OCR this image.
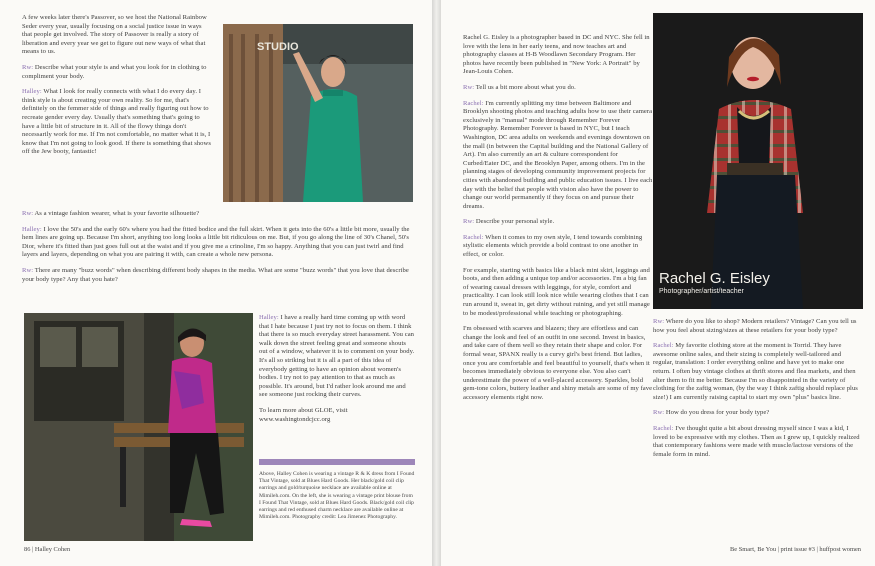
A few weeks later there's Passover, so we host the National Rainbow Seder every year, usually focusing on a social justice issue in ways that people get involved. The story of Passover is really a story of liberation and every year we get to figure out new ways of what that means to us.

Rw: Describe what your style is and what you look for in clothing to compliment your body.

Halley: What I look for really connects with what I do every day. I think style is about creating your own reality. So for me, that's definitely on the femmer side of things and really figuring out how to recreate gender every day. Usually that's something that's going to have a little bit of structure in it. All of the flowy things don't necessarily work for me. If I'm not comfortable, no matter what it is, I know that I'm not going to look good. If there is something that shows off the Jew booty, fantastic!

STUDIO

Rw: As a vintage fashion wearer, what is your favorite silhouette?

Halley: I love the 50's and the early 60's where you had the fitted bodice and the full skirt. When it gets into the 60's a little bit more, usually the hem lines are going up. Because I'm short, anything too long looks a little bit ridiculous on me. But, if you go along the line of 30's Chanel, 50's Dior, where it's fitted than just goes full out at the waist and if you give me a crinoline, I'm so happy. Anything that you can just twirl and find layers and layers, depending on what you are pairing it with, can create a whole new persona.

Rw: There are many "buzz words" when describing different body shapes in the media. What are some "buzz words" that you love that describe your body type? Any that you hate?

Halley: I have a really hard time coming up with word that I hate because I just try not to focus on them. I think that there is so much everyday street harassment. You can walk down the street feeling great and someone shouts out of a window, whatever it is to comment on your body. It's all so striking but it is all a part of this idea of everybody getting to have an opinion about women's bodies. I try not to pay attention to that as much as possible. It's around, but I'd rather look around me and see someone just rocking their curves.

To learn more about GLOE, visit www.washingtondcjcc.org

Above, Halley Cohen is wearing a vintage R & K dress from I Found That Vintage, sold at Blues Hard Goods. Her black/gold coil clip earrings and gold/turquoise necklace are available online at Mimileh.com. On the left, she is wearing a vintage print blouse from I Found That Vintage, sold at Blues Hard Goods. Black/gold coil clip earrings and red enthused charm necklace are available online at Mimileh.com. Photography credit: Lea Jimenez Photography.
86 | Halley Cohen

Rachel G. Eisley is a photographer based in DC and NYC. She fell in love with the lens in her early teens, and now teaches art and photography classes at H-B Woodlawn Secondary Program. Her photos have recently been published in "New York: A Portrait" by Jean-Louis Cohen.

Rw: Tell us a bit more about what you do.

Rachel: I'm currently splitting my time between Baltimore and Brooklyn shooting photos and teaching adults how to use their camera exclusively in "manual" mode through Remember Forever Photography. Remember Forever is based in NYC, but I teach Washington, DC area adults on weekends and evenings downtown on the mall (in between the Capital building and the National Gallery of Art). I'm also currently an art & culture correspondent for Curbed/Eater DC, and the Brooklyn Paper, among others. I'm in the planning stages of developing community improvement projects for cities with abandoned building and public education issues. I live each day with the belief that people with vision also have the power to change our world permanently if they focus on and pursue their dreams.

Rw: Describe your personal style.

Rachel: When it comes to my own style, I tend towards combining stylistic elements which provide a bold contrast to one another in effect, or color.

For example, starting with basics like a black mini skirt, leggings and boots, and then adding a unique top and/or accessories. I'm a big fan of wearing casual dresses with leggings, for style, comfort and practicality. I can look still look nice while wearing clothes that I can run around it, sweat in, get dirty without ruining, and yet still manage to be modest/professional while teaching or photographing.

I'm obsessed with scarves and blazers; they are effortless and can change the look and feel of an outfit in one second. Invest in basics, and take care of them well so they retain their shape and color. For formal wear, SPANX really is a curvy girl's best friend. But ladies, once you are comfortable and feel beautiful to yourself, that's when it becomes immediately obvious to everyone else. You also can't underestimate the power of a well-placed accessory. Sparkles, bold gem-tone colors, buttery leather and shiny metals are some of my fave accessory elements right now.

Rachel G. Eisley
Photographer/artist/teacher

Rw: Where do you like to shop? Modern retailers? Vintage? Can you tell us how you feel about sizing/sizes at these retailers for your body type?

Rachel: My favorite clothing store at the moment is Torrid. They have awesome online sales, and their sizing is completely well-tailored and regular, translation: I order everything online and have yet to make one return. I often buy vintage clothes at thrift stores and flea markets, and then alter them to fit me better. Because I'm so disappointed in the variety of clothing for the zaftig woman, (by the way I think zaftig should replace plus size!) I am currently raising capital to start my own "plus" basics line.

Rw: How do you dress for your body type?

Rachel: I've thought quite a bit about dressing myself since I was a kid, I loved to be expressive with my clothes. Then as I grew up, I quickly realized that contemporary fashions were made with muscle/lactose versions of the female form in mind.

Be Smart, Be You | print issue #3 | huffpost women
